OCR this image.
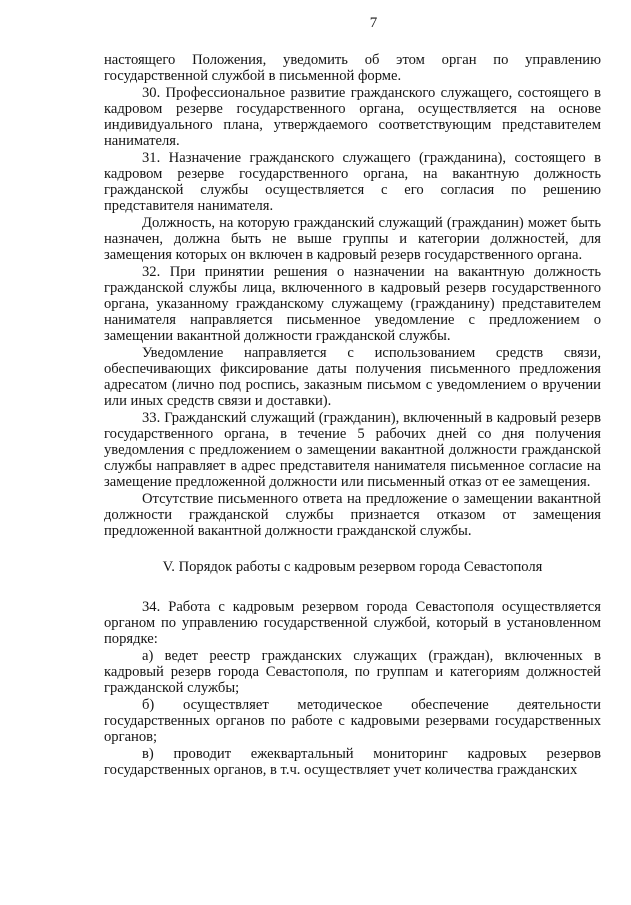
7

настоящего Положения, уведомить об этом орган по управлению государственной службой в письменной форме.

30. Профессиональное развитие гражданского служащего, состоящего в кадровом резерве государственного органа, осуществляется на основе индивидуального плана, утверждаемого соответствующим представителем нанимателя.

31. Назначение гражданского служащего (гражданина), состоящего в кадровом резерве государственного органа, на вакантную должность гражданской службы осуществляется с его согласия по решению представителя нанимателя.

Должность, на которую гражданский служащий (гражданин) может быть назначен, должна быть не выше группы и категории должностей, для замещения которых он включен в кадровый резерв государственного органа.

32. При принятии решения о назначении на вакантную должность гражданской службы лица, включенного в кадровый резерв государственного органа, указанному гражданскому служащему (гражданину) представителем нанимателя направляется письменное уведомление с предложением о замещении вакантной должности гражданской службы.

Уведомление направляется с использованием средств связи, обеспечивающих фиксирование даты получения письменного предложения адресатом (лично под роспись, заказным письмом с уведомлением о вручении или иных средств связи и доставки).

33. Гражданский служащий (гражданин), включенный в кадровый резерв государственного органа, в течение 5 рабочих дней со дня получения уведомления с предложением о замещении вакантной должности гражданской службы направляет в адрес представителя нанимателя письменное согласие на замещение предложенной должности или письменный отказ от ее замещения.

Отсутствие письменного ответа на предложение о замещении вакантной должности гражданской службы признается отказом от замещения предложенной вакантной должности гражданской службы.

V. Порядок работы с кадровым резервом города Севастополя

34. Работа с кадровым резервом города Севастополя осуществляется органом по управлению государственной службой, который в установленном порядке:

а) ведет реестр гражданских служащих (граждан), включенных в кадровый резерв города Севастополя, по группам и категориям должностей гражданской службы;

б) осуществляет методическое обеспечение деятельности государственных органов по работе с кадровыми резервами государственных органов;

в) проводит ежеквартальный мониторинг кадровых резервов государственных органов, в т.ч. осуществляет учет количества гражданских
